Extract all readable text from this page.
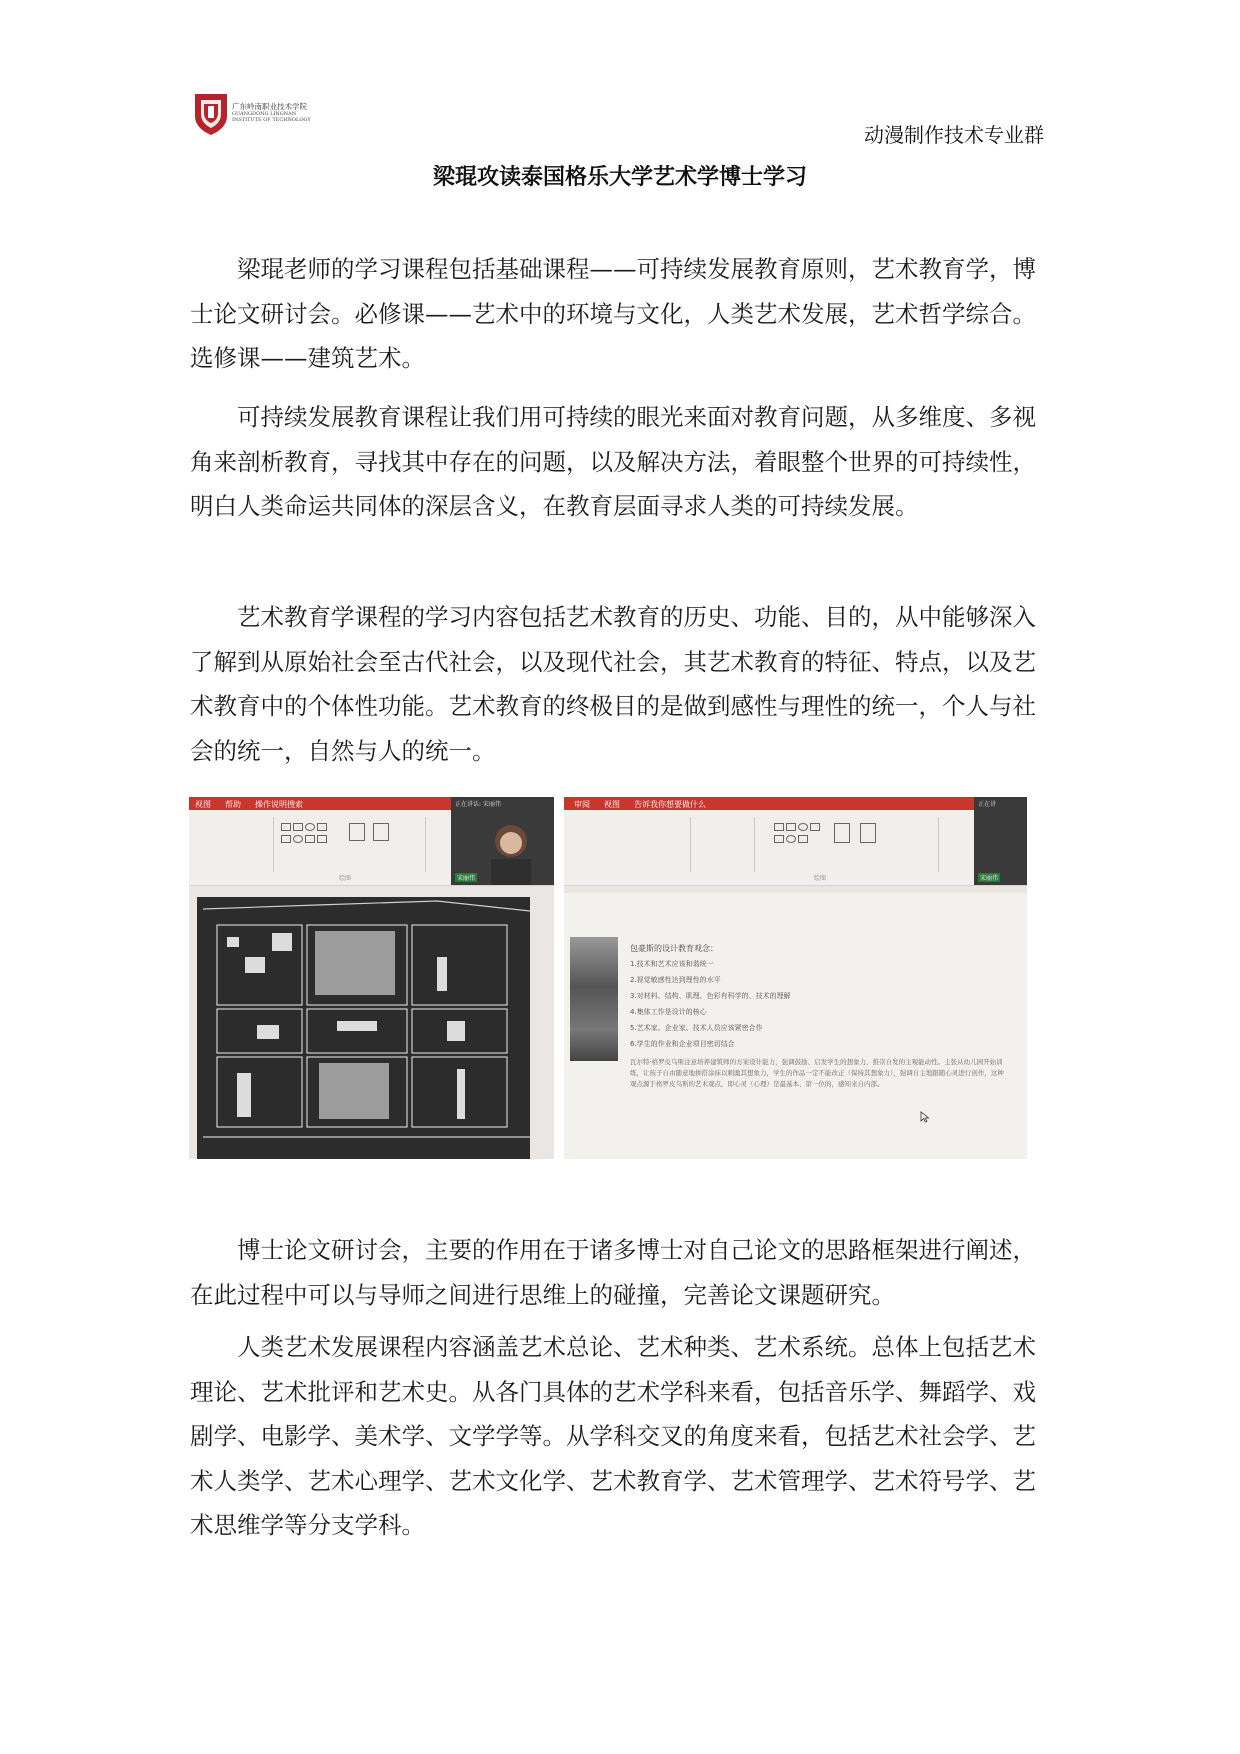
广东岭南职业技术学院
GUANGDONG LINGNAN
INSTITUTE OF TECHNOLOGY
动漫制作技术专业群
梁琨攻读泰国格乐大学艺术学博士学习

梁琨老师的学习课程包括基础课程——可持续发展教育原则，艺术教育学，博士论文研讨会。必修课——艺术中的环境与文化，人类艺术发展，艺术哲学综合。选修课——建筑艺术。

可持续发展教育课程让我们用可持续的眼光来面对教育问题，从多维度、多视角来剖析教育，寻找其中存在的问题，以及解决方法，着眼整个世界的可持续性，明白人类命运共同体的深层含义，在教育层面寻求人类的可持续发展。

艺术教育学课程的学习内容包括艺术教育的历史、功能、目的，从中能够深入了解到从原始社会至古代社会，以及现代社会，其艺术教育的特征、特点，以及艺术教育中的个体性功能。艺术教育的终极目的是做到感性与理性的统一，个人与社会的统一，自然与人的统一。

视图 帮助 操作说明搜索
绘图
正在讲话: 宋丽伟
宋丽伟
审阅 视图 告诉我你想要做什么
绘图
正在讲
宋丽伟
包豪斯的设计教育观念：
1.技术和艺术应该和谐统一
2.视觉敏感性达到理性的水平
3.对材料、结构、肌理、色彩有科学的、技术的理解
4.集体工作是设计的核心
5.艺术家、企业家、技术人员应该紧密合作
6.学生的作业和企业项目密切结合
瓦尔特·格罗皮乌斯注意培养建筑师的方案设计能力，强调鼓励、启发学生的想象力，推崇自发的主观能动性。主张从幼儿园开始训练，让孩子自由随意地拼搭涂抹以刺激其想象力，学生的作品一定不能改正（保持其想象力），强调自主地跟随心灵进行创作，这种观点源于格罗皮乌斯的艺术观点，即心灵（心理）是最基本、第一位的，感知来自内部。

博士论文研讨会，主要的作用在于诸多博士对自己论文的思路框架进行阐述，在此过程中可以与导师之间进行思维上的碰撞，完善论文课题研究。

人类艺术发展课程内容涵盖艺术总论、艺术种类、艺术系统。总体上包括艺术理论、艺术批评和艺术史。从各门具体的艺术学科来看，包括音乐学、舞蹈学、戏剧学、电影学、美术学、文学学等。从学科交叉的角度来看，包括艺术社会学、艺术人类学、艺术心理学、艺术文化学、艺术教育学、艺术管理学、艺术符号学、艺术思维学等分支学科。
